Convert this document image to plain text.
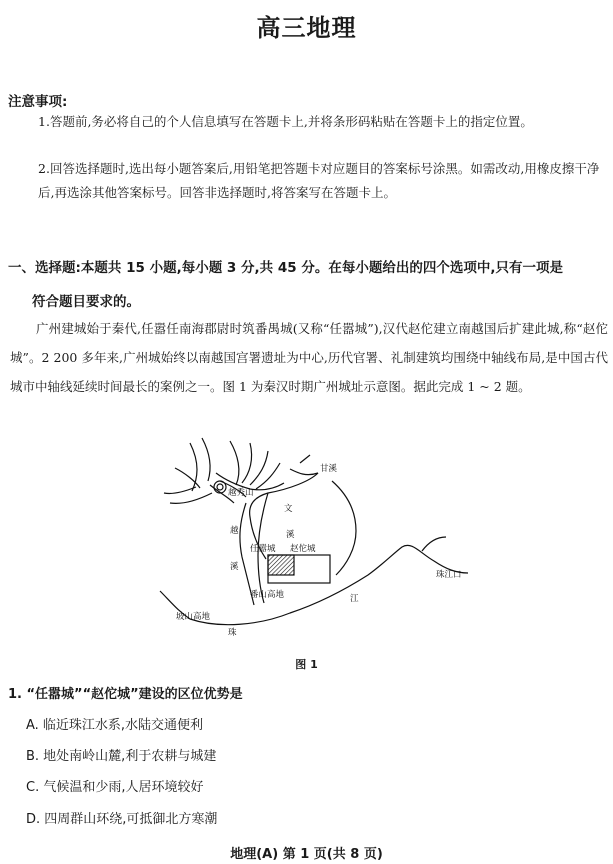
高三地理
注意事项:
1.答题前,务必将自己的个人信息填写在答题卡上,并将条形码粘贴在答题卡上的指定位置。
2.回答选择题时,选出每小题答案后,用铅笔把答题卡对应题目的答案标号涂黑。如需改动,用橡皮擦干净后,再选涂其他答案标号。回答非选择题时,将答案写在答题卡上。
一、选择题:本题共 15 小题,每小题 3 分,共 45 分。在每小题给出的四个选项中,只有一项是
符合题目要求的。
广州建城始于秦代,任嚣任南海郡尉时筑番禺城(又称“任嚣城”),汉代赵佗建立南越国后扩建此城,称“赵佗城”。2 200 多年来,广州城始终以南越国宫署遗址为中心,历代官署、礼制建筑均围绕中轴线布局,是中国古代城市中轴线延续时间最长的案例之一。图 1 为秦汉时期广州城址示意图。据此完成 1 ~ 2 题。
越秀山
甘溪
文
溪
越
溪
任嚣城 赵佗城
番山高地
坡山高地
珠
江
珠江口
图 1
1. “任嚣城”“赵佗城”建设的区位优势是
A. 临近珠江水系,水陆交通便利
B. 地处南岭山麓,利于农耕与城建
C. 气候温和少雨,人居环境较好
D. 四周群山环绕,可抵御北方寒潮
地理(A) 第 1 页(共 8 页)
